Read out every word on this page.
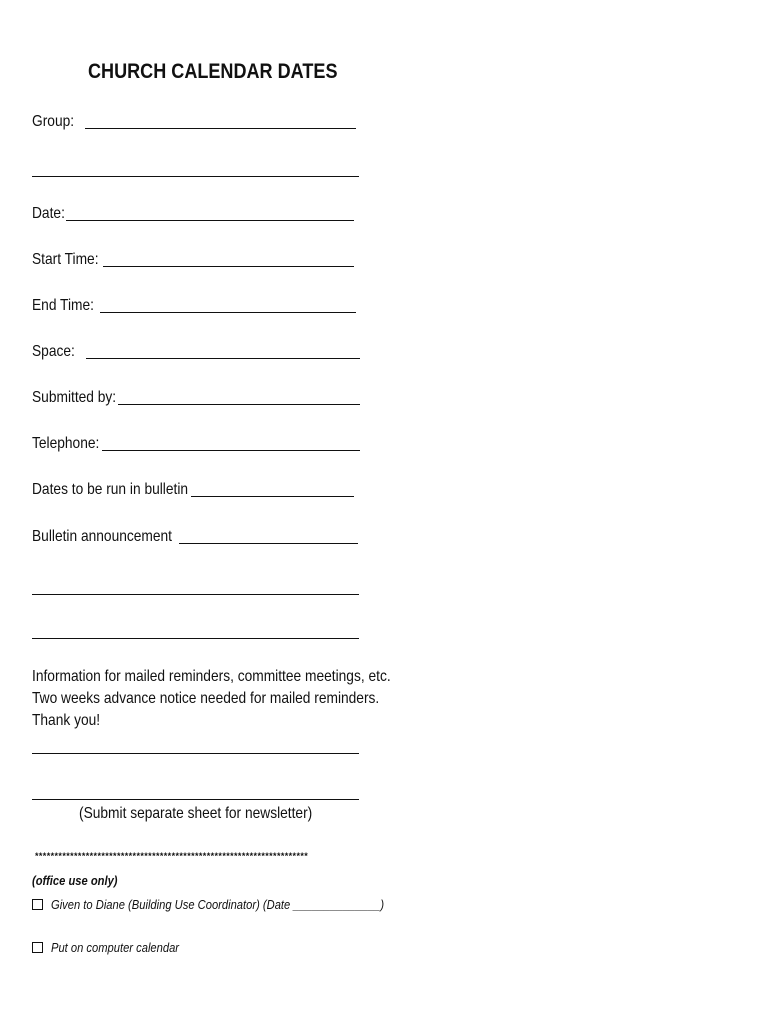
CHURCH CALENDAR DATES
Group:
Date:
Start Time:
End Time:
Space:
Submitted by:
Telephone:
Dates to be run in bulletin
Bulletin announcement
Information for mailed reminders, committee meetings, etc.
Two weeks advance notice needed for mailed reminders.
Thank you!
(Submit separate sheet for newsletter)
**********************************************************************
(office use only)
Given to Diane (Building Use Coordinator) (Date ______________)
Put on computer calendar
